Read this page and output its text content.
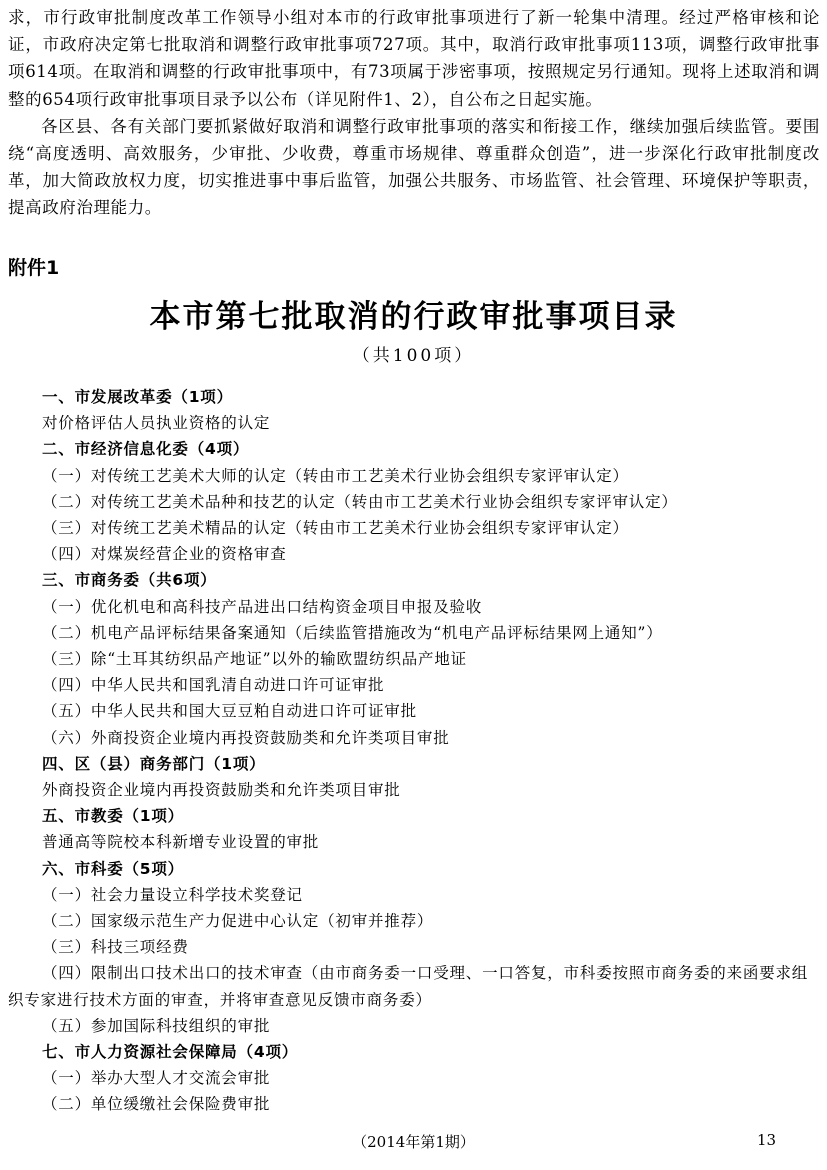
求，市行政审批制度改革工作领导小组对本市的行政审批事项进行了新一轮集中清理。经过严格审核和论证，市政府决定第七批取消和调整行政审批事项727项。其中，取消行政审批事项113项，调整行政审批事项614项。在取消和调整的行政审批事项中，有73项属于涉密事项，按照规定另行通知。现将上述取消和调整的654项行政审批事项目录予以公布（详见附件1、2），自公布之日起实施。

各区县、各有关部门要抓紧做好取消和调整行政审批事项的落实和衔接工作，继续加强后续监管。要围绕“高度透明、高效服务，少审批、少收费，尊重市场规律、尊重群众创造”，进一步深化行政审批制度改革，加大简政放权力度，切实推进事中事后监管，加强公共服务、市场监管、社会管理、环境保护等职责，提高政府治理能力。

附件1
本市第七批取消的行政审批事项目录
（共100项）
一、市发展改革委（1项）
对价格评估人员执业资格的认定
二、市经济信息化委（4项）
（一）对传统工艺美术大师的认定（转由市工艺美术行业协会组织专家评审认定）
（二）对传统工艺美术品种和技艺的认定（转由市工艺美术行业协会组织专家评审认定）
（三）对传统工艺美术精品的认定（转由市工艺美术行业协会组织专家评审认定）
（四）对煤炭经营企业的资格审查
三、市商务委（共6项）
（一）优化机电和高科技产品进出口结构资金项目申报及验收
（二）机电产品评标结果备案通知（后续监管措施改为“机电产品评标结果网上通知”）
（三）除“土耳其纺织品产地证”以外的输欧盟纺织品产地证
（四）中华人民共和国乳清自动进口许可证审批
（五）中华人民共和国大豆豆粕自动进口许可证审批
（六）外商投资企业境内再投资鼓励类和允许类项目审批
四、区（县）商务部门（1项）
外商投资企业境内再投资鼓励类和允许类项目审批
五、市教委（1项）
普通高等院校本科新增专业设置的审批
六、市科委（5项）
（一）社会力量设立科学技术奖登记
（二）国家级示范生产力促进中心认定（初审并推荐）
（三）科技三项经费
（四）限制出口技术出口的技术审查（由市商务委一口受理、一口答复，市科委按照市商务委的来函要求组织专家进行技术方面的审查，并将审查意见反馈市商务委）
（五）参加国际科技组织的审批
七、市人力资源社会保障局（4项）
（一）举办大型人才交流会审批
（二）单位缓缴社会保险费审批
（2014年第1期）	13
